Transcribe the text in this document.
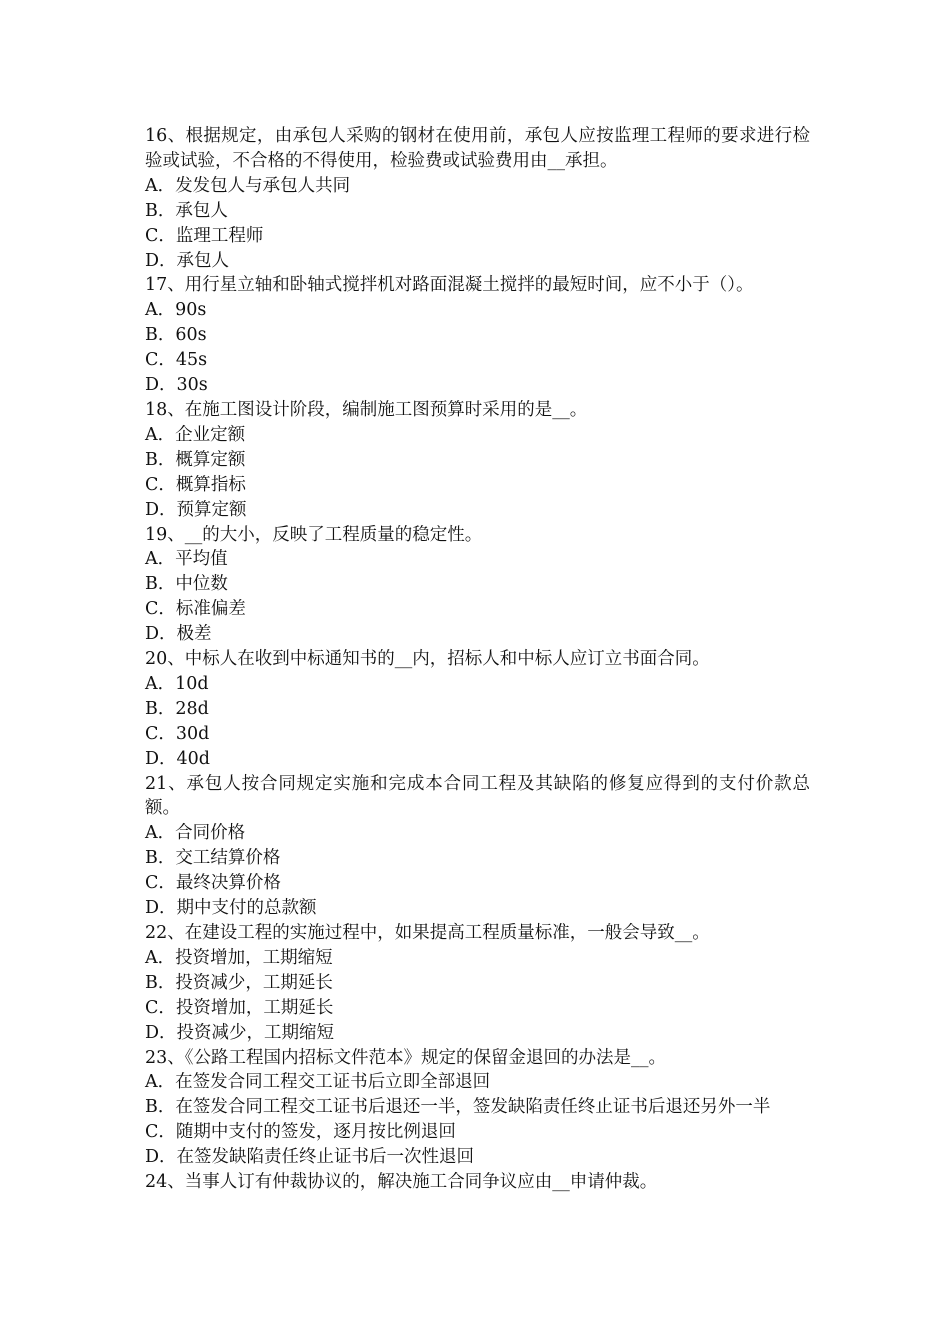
16、根据规定，由承包人采购的钢材在使用前，承包人应按监理工程师的要求进行检验或试验，不合格的不得使用，检验费或试验费用由__承担。

A．发发包人与承包人共同

B．承包人

C．监理工程师

D．承包人

17、用行星立轴和卧轴式搅拌机对路面混凝土搅拌的最短时间，应不小于（）。

A．90s

B．60s

C．45s

D．30s

18、在施工图设计阶段，编制施工图预算时采用的是__。

A．企业定额

B．概算定额

C．概算指标

D．预算定额

19、__的大小，反映了工程质量的稳定性。

A．平均值

B．中位数

C．标准偏差

D．极差

20、中标人在收到中标通知书的__内，招标人和中标人应订立书面合同。

A．10d

B．28d

C．30d

D．40d

21、承包人按合同规定实施和完成本合同工程及其缺陷的修复应得到的支付价款总额。

A．合同价格

B．交工结算价格

C．最终决算价格

D．期中支付的总款额

22、在建设工程的实施过程中，如果提高工程质量标准，一般会导致__。

A．投资增加，工期缩短

B．投资减少，工期延长

C．投资增加，工期延长

D．投资减少，工期缩短

23、《公路工程国内招标文件范本》规定的保留金退回的办法是__。

A．在签发合同工程交工证书后立即全部退回

B．在签发合同工程交工证书后退还一半，签发缺陷责任终止证书后退还另外一半

C．随期中支付的签发，逐月按比例退回

D．在签发缺陷责任终止证书后一次性退回

24、当事人订有仲裁协议的，解决施工合同争议应由__申请仲裁。
